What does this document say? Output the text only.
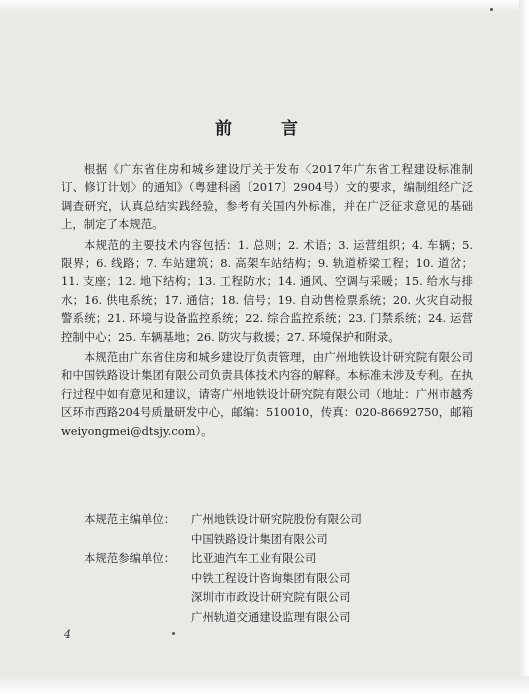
前　言

根据《广东省住房和城乡建设厅关于发布〈2017年广东省工程建设标准制订、修订计划〉的通知》（粤建科函〔2017〕2904号）文的要求，编制组经广泛调查研究，认真总结实践经验，参考有关国内外标准，并在广泛征求意见的基础上，制定了本规范。

本规范的主要技术内容包括：1. 总则；2. 术语；3. 运营组织；4. 车辆；5. 限界；6. 线路；7. 车站建筑；8. 高架车站结构；9. 轨道桥梁工程；10. 道岔；11. 支座；12. 地下结构；13. 工程防水；14. 通风、空调与采暖；15. 给水与排水；16. 供电系统；17. 通信；18. 信号；19. 自动售检票系统；20. 火灾自动报警系统；21. 环境与设备监控系统；22. 综合监控系统；23. 门禁系统；24. 运营控制中心；25. 车辆基地；26. 防灾与救援；27. 环境保护和附录。

本规范由广东省住房和城乡建设厅负责管理，由广州地铁设计研究院有限公司和中国铁路设计集团有限公司负责具体技术内容的解释。本标准未涉及专利。在执行过程中如有意见和建议，请寄广州地铁设计研究院有限公司（地址：广州市越秀区环市西路204号质量研发中心，邮编：510010，传真：020-86692750，邮箱 weiyongmei@dtsjy.com）。

本规范主编单位：	广州地铁设计研究院股份有限公司
中国铁路设计集团有限公司
本规范参编单位：	比亚迪汽车工业有限公司
中铁工程设计咨询集团有限公司
深圳市市政设计研究院有限公司
广州轨道交通建设监理有限公司
4
